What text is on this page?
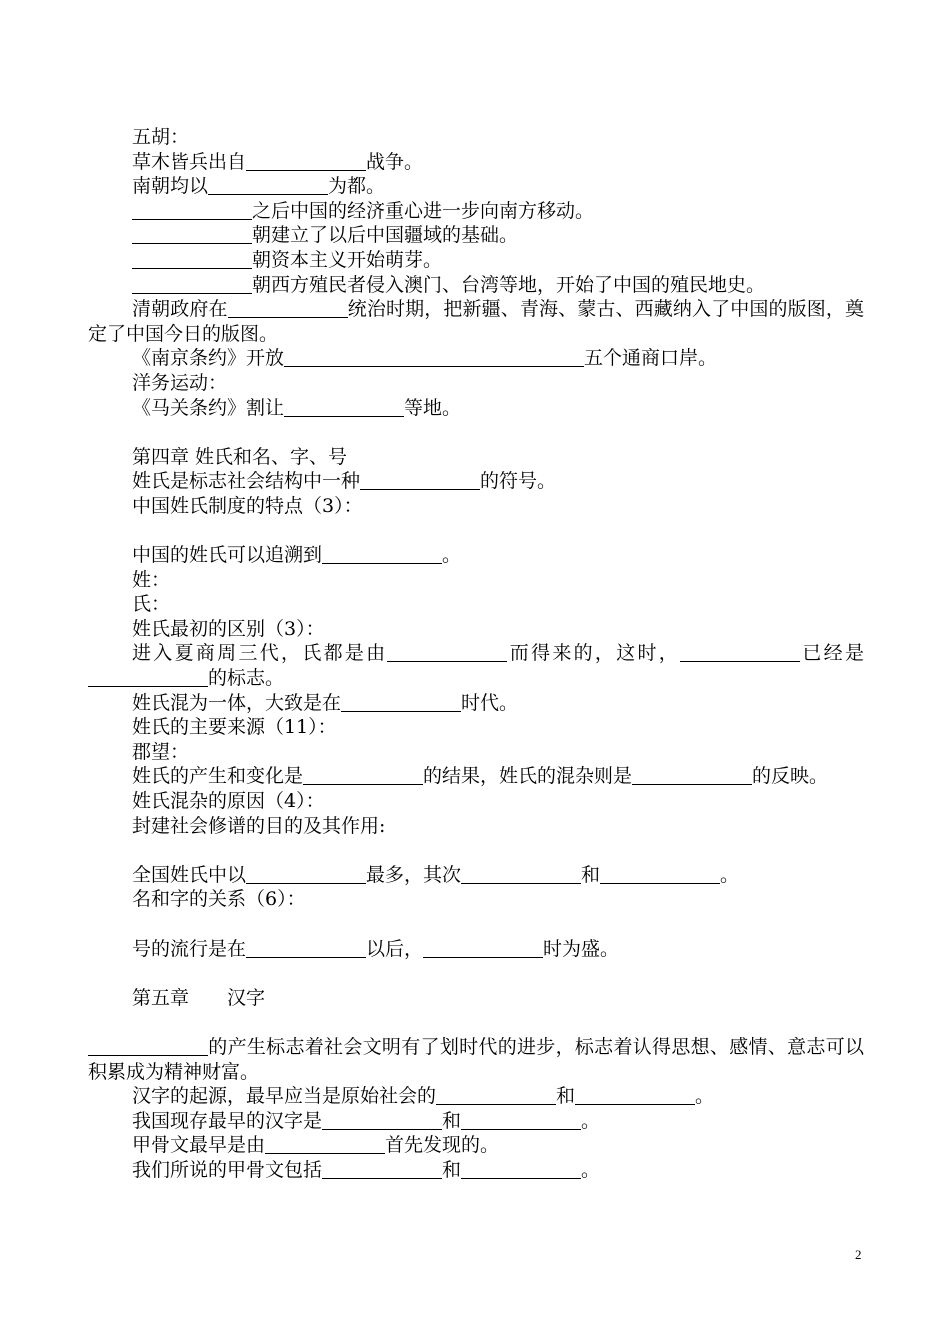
五胡：
草木皆兵出自	战争。
南朝均以	为都。
之后中国的经济重心进一步向南方移动。
朝建立了以后中国疆域的基础。
朝资本主义开始萌芽。
朝西方殖民者侵入澳门、台湾等地，开始了中国的殖民地史。
清朝政府在	统治时期，把新疆、青海、蒙古、西藏纳入了中国的版图，奠定了中国今日的版图。
《南京条约》开放	五个通商口岸。
洋务运动：
《马关条约》割让	等地。
第四章 姓氏和名、字、号
姓氏是标志社会结构中一种	的符号。
中国姓氏制度的特点（3）：
中国的姓氏可以追溯到	。
姓：
氏：
姓氏最初的区别（3）：
进入夏商周三代，氏都是由	而得来的，这时，	已经是的标志。
姓氏混为一体，大致是在	时代。
姓氏的主要来源（11）：
郡望：
姓氏的产生和变化是	的结果，姓氏的混杂则是	的反映。
姓氏混杂的原因（4）：
封建社会修谱的目的及其作用:
全国姓氏中以	最多，其次	和	。
名和字的关系（6）：
号的流行是在	以后，	时为盛。
第五章　　汉字
的产生标志着社会文明有了划时代的进步，标志着认得思想、感情、意志可以积累成为精神财富。
汉字的起源，最早应当是原始社会的	和	。
我国现存最早的汉字是	和	。
甲骨文最早是由	首先发现的。
我们所说的甲骨文包括	和	。
2
